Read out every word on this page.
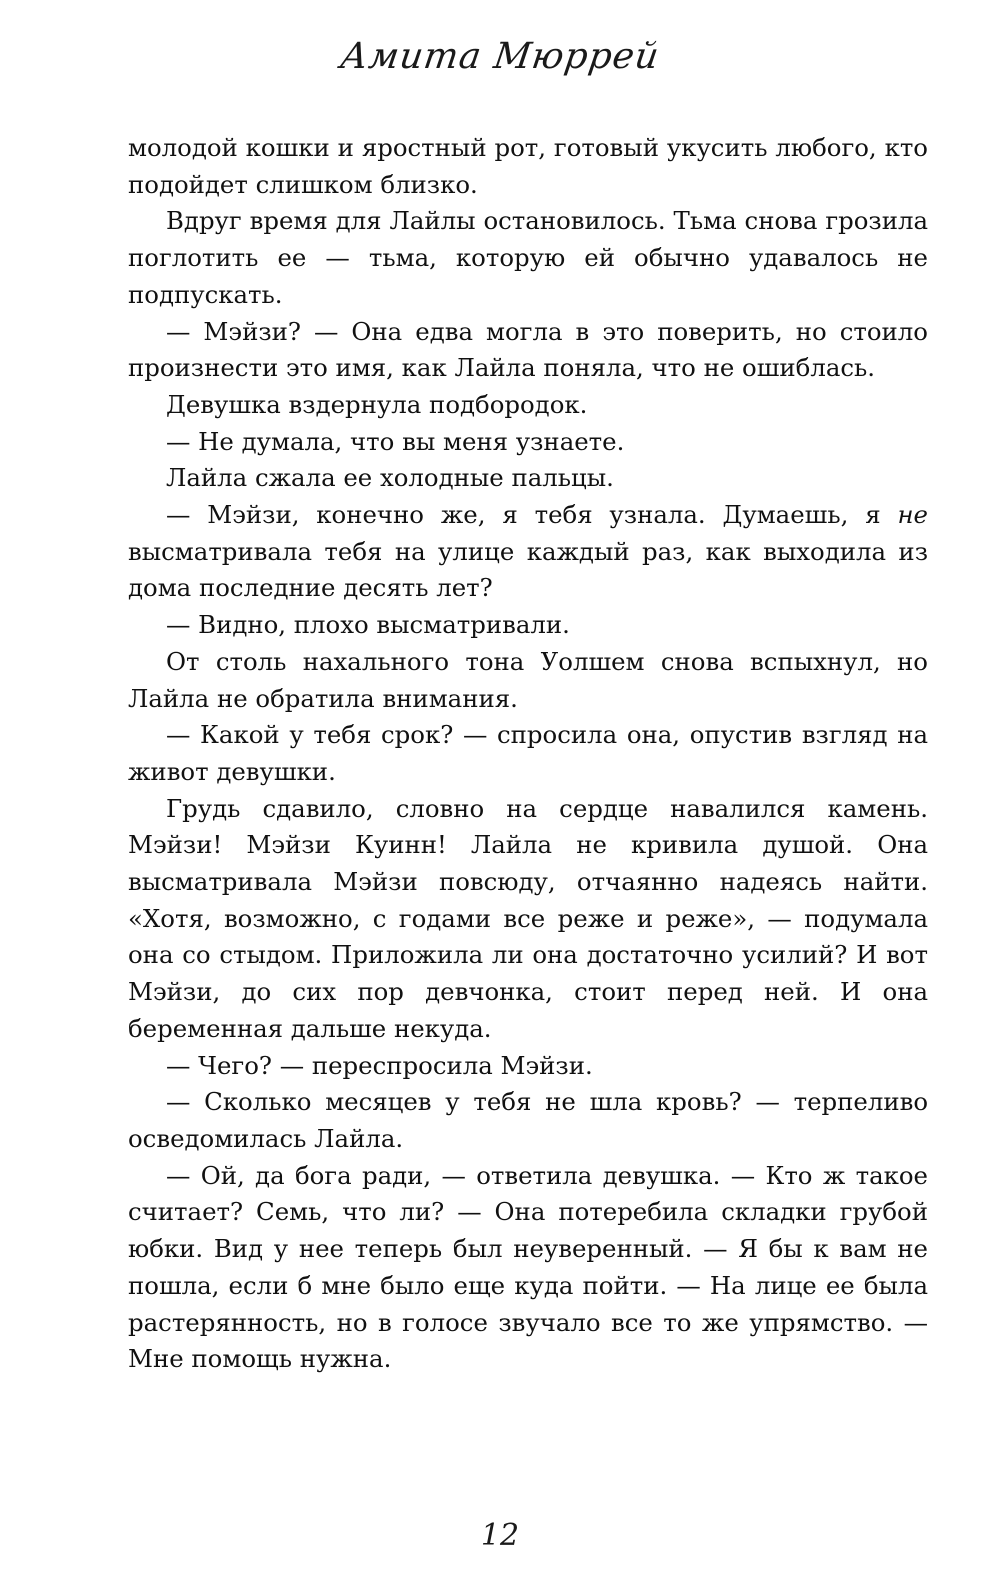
Амита Мюррей

молодой кошки и яростный рот, готовый укусить любого, кто подойдет слишком близко.

Вдруг время для Лайлы остановилось. Тьма снова грозила поглотить ее — тьма, которую ей обычно удавалось не подпускать.

— Мэйзи? — Она едва могла в это поверить, но стоило произнести это имя, как Лайла поняла, что не ошиблась.

Девушка вздернула подбородок.

— Не думала, что вы меня узнаете.

Лайла сжала ее холодные пальцы.

— Мэйзи, конечно же, я тебя узнала. Думаешь, я не высматривала тебя на улице каждый раз, как выходила из дома последние десять лет?

— Видно, плохо высматривали.

От столь нахального тона Уолшем снова вспыхнул, но Лайла не обратила внимания.

— Какой у тебя срок? — спросила она, опустив взгляд на живот девушки.

Грудь сдавило, словно на сердце навалился камень. Мэйзи! Мэйзи Куинн! Лайла не кривила душой. Она высматривала Мэйзи повсюду, отчаянно надеясь найти. «Хотя, возможно, с годами все реже и реже», — подумала она со стыдом. Приложила ли она достаточно усилий? И вот Мэйзи, до сих пор девчонка, стоит перед ней. И она беременная дальше некуда.

— Чего? — переспросила Мэйзи.

— Сколько месяцев у тебя не шла кровь? — терпеливо осведомилась Лайла.

— Ой, да бога ради, — ответила девушка. — Кто ж такое считает? Семь, что ли? — Она потеребила складки грубой юбки. Вид у нее теперь был неуверенный. — Я бы к вам не пошла, если б мне было еще куда пойти. — На лице ее была растерянность, но в голосе звучало все то же упрямство. — Мне помощь нужна.

12
